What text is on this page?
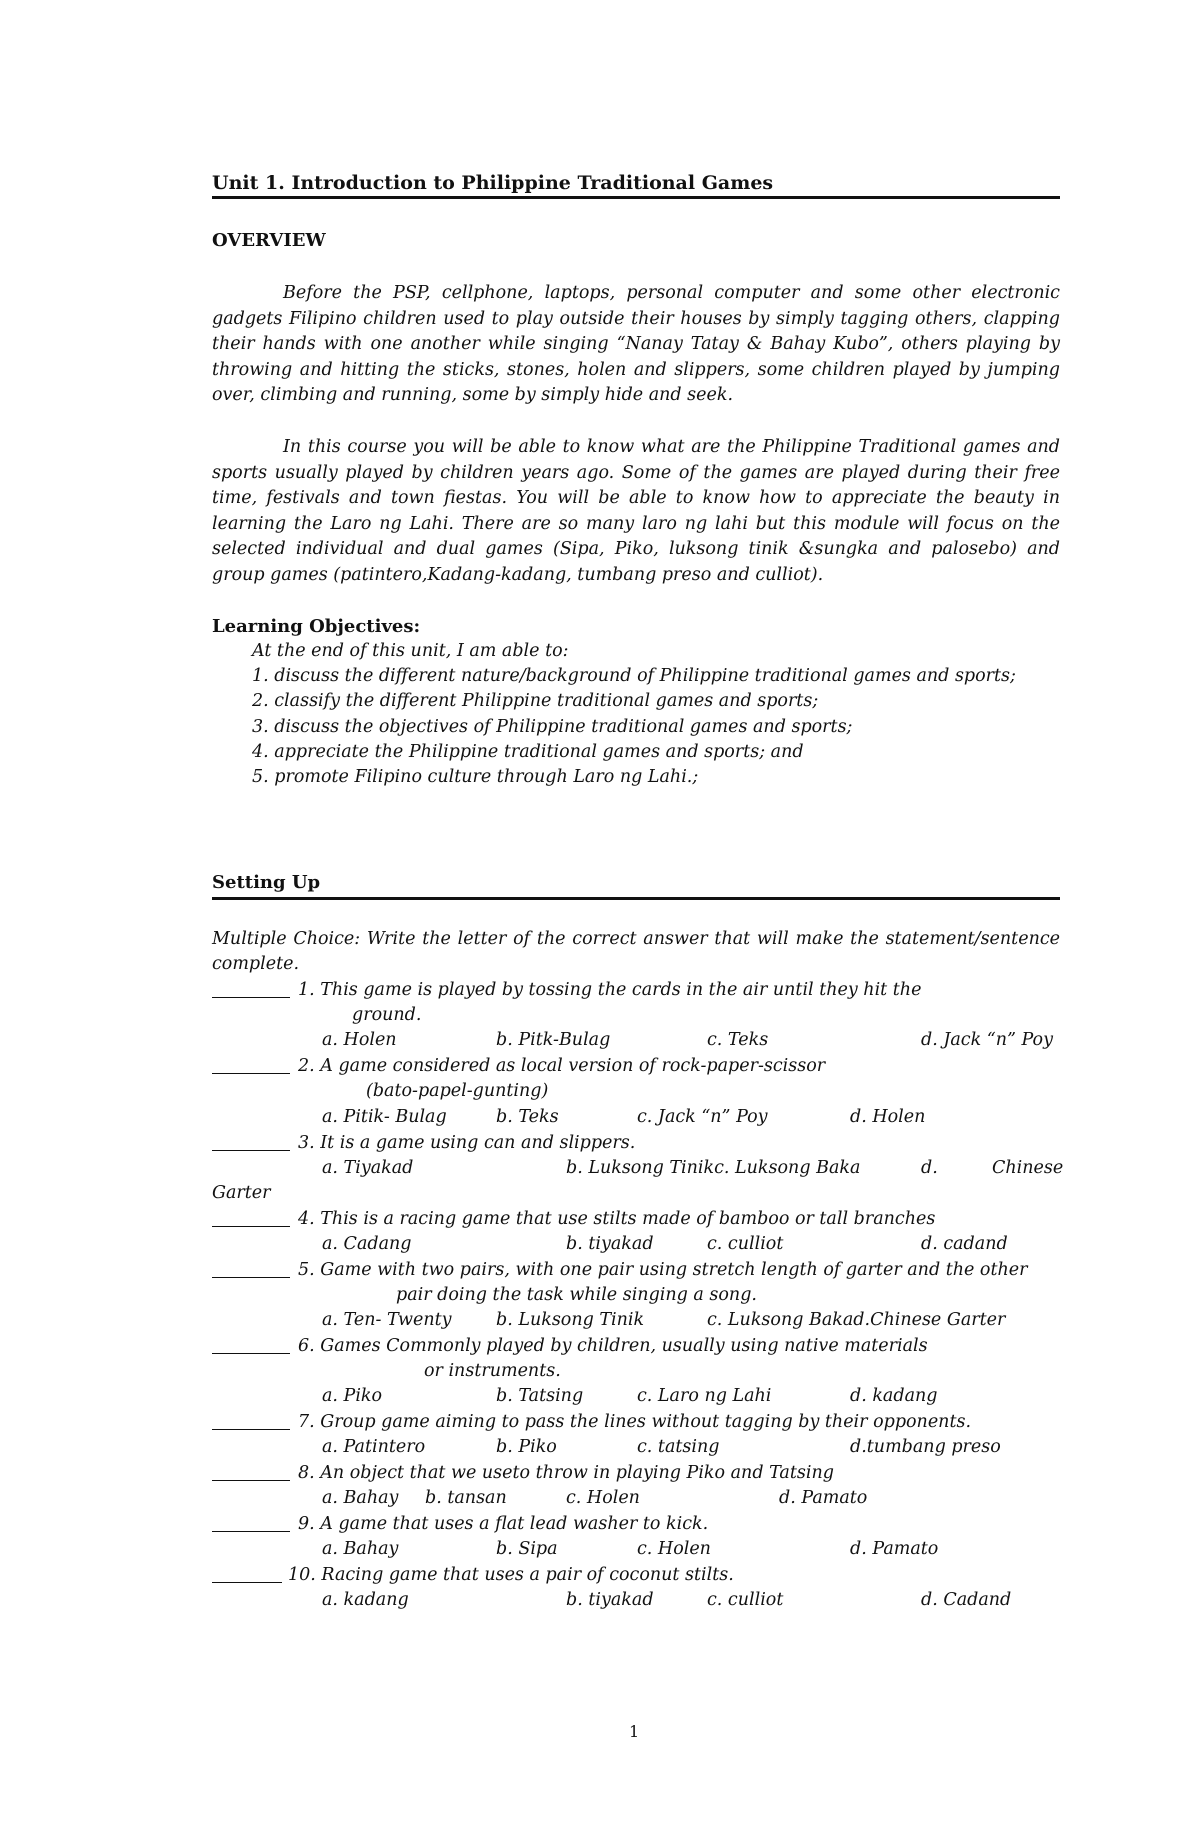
Unit 1. Introduction to Philippine Traditional Games
OVERVIEW
Before the PSP, cellphone, laptops, personal computer and some other electronic gadgets Filipino children used to play outside their houses by simply tagging others, clapping their hands with one another while singing “Nanay Tatay & Bahay Kubo”, others playing by throwing and hitting the sticks, stones, holen and slippers, some children played by jumping over, climbing and running, some by simply hide and seek.
In this course you will be able to know what are the Philippine Traditional games and sports usually played by children years ago. Some of the games are played during their free time, festivals and town fiestas. You will be able to know how to appreciate the beauty in learning the Laro ng Lahi. There are so many laro ng lahi but this module will focus on the selected individual and dual games (Sipa, Piko, luksong tinik &sungka and palosebo) and group games (patintero,Kadang-kadang, tumbang preso and culliot).
Learning Objectives:
At the end of this unit, I am able to:
1. discuss the different nature/background of Philippine traditional games and sports;
2. classify the different Philippine traditional games and sports;
3. discuss the objectives of Philippine traditional games and sports;
4. appreciate the Philippine traditional games and sports; and
5. promote Filipino culture through Laro ng Lahi.;
Setting Up
Multiple Choice: Write the letter of the correct answer that will make the statement/sentence
complete.
1. This game is played by tossing the cards in the air until they hit the
ground.
a. Holen	b. Pitk-Bulag	c. Teks	d. Jack “n” Poy
2. A game considered as local version of rock-paper-scissor
(bato-papel-gunting)
a. Pitik- Bulag	b. Teks	c. Jack “n” Poy	d. Holen
3. It is a game using can and slippers.
a. Tiyakad	b. Luksong Tinikc. Luksong Baka	d.	Chinese
Garter
4. This is a racing game that use stilts made of bamboo or tall branches
a. Cadang	b. tiyakad	c. culliot	d. cadand
5. Game with two pairs, with one pair using stretch length of garter and the other
pair doing the task while singing a song.
a. Ten- Twenty	b. Luksong Tinik	c. Luksong Bakad.Chinese Garter
6. Games Commonly played by children, usually using native materials
or instruments.
a. Piko	b. Tatsing	c. Laro ng Lahi	d. kadang
7. Group game aiming to pass the lines without tagging by their opponents.
a. Patintero	b. Piko	c. tatsing	d.tumbang preso
8. An object that we useto throw in playing Piko and Tatsing
a. Bahay b. tansan	c. Holen	d. Pamato
9. A game that uses a flat lead washer to kick.
a. Bahay	b. Sipa	c. Holen	d. Pamato
10. Racing game that uses a pair of coconut stilts.
a. kadang	b. tiyakad	c. culliot	d. Cadand
1
